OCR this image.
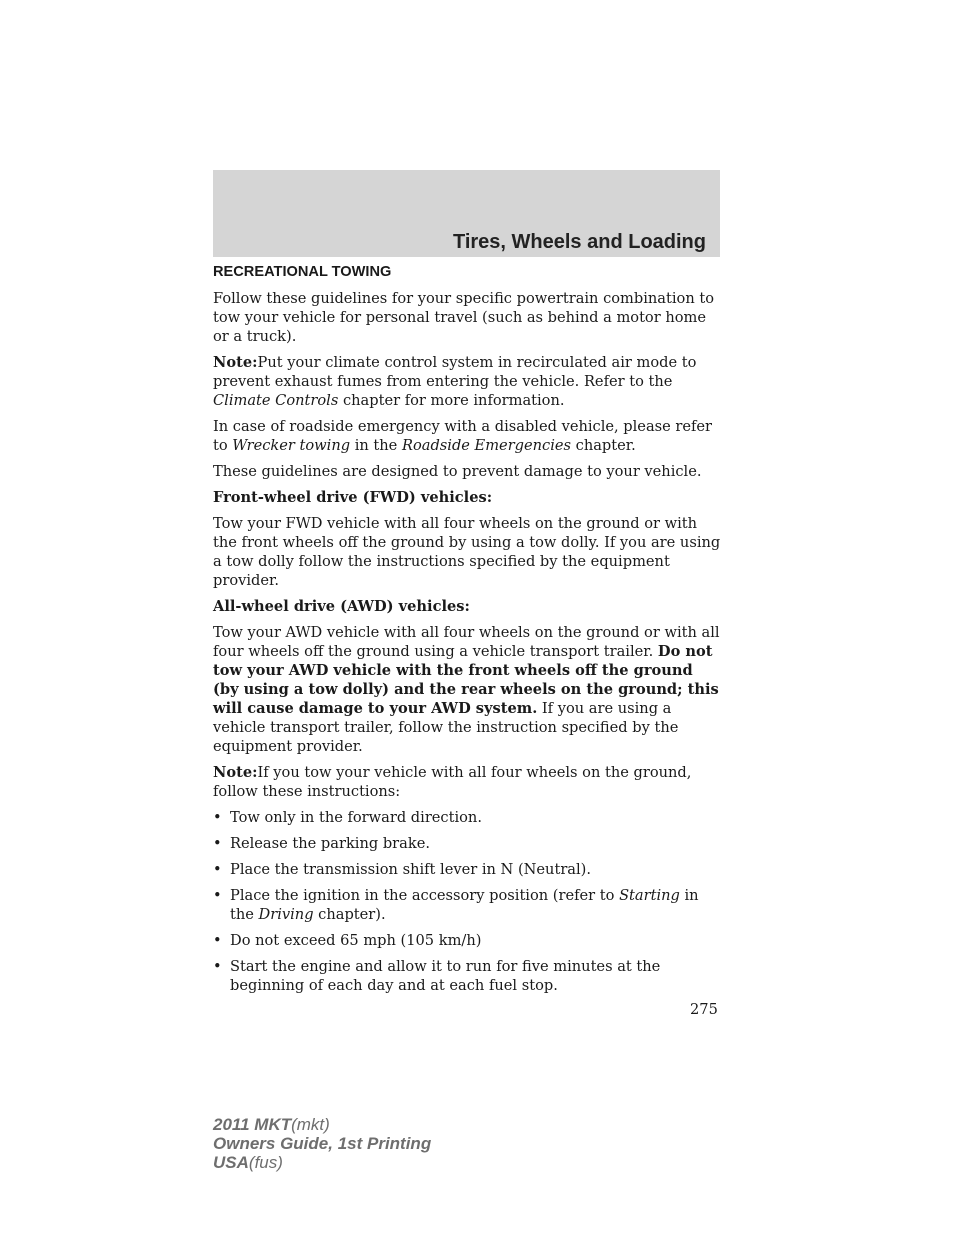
Tires, Wheels and Loading
RECREATIONAL TOWING

Follow these guidelines for your specific powertrain combination to tow your vehicle for personal travel (such as behind a motor home or a truck).

Note:Put your climate control system in recirculated air mode to prevent exhaust fumes from entering the vehicle. Refer to the Climate Controls chapter for more information.

In case of roadside emergency with a disabled vehicle, please refer to Wrecker towing in the Roadside Emergencies chapter.

These guidelines are designed to prevent damage to your vehicle.

Front-wheel drive (FWD) vehicles:

Tow your FWD vehicle with all four wheels on the ground or with the front wheels off the ground by using a tow dolly. If you are using a tow dolly follow the instructions specified by the equipment provider.

All-wheel drive (AWD) vehicles:

Tow your AWD vehicle with all four wheels on the ground or with all four wheels off the ground using a vehicle transport trailer. Do not tow your AWD vehicle with the front wheels off the ground (by using a tow dolly) and the rear wheels on the ground; this will cause damage to your AWD system. If you are using a vehicle transport trailer, follow the instruction specified by the equipment provider.

Note:If you tow your vehicle with all four wheels on the ground, follow these instructions:

• Tow only in the forward direction.
• Release the parking brake.
• Place the transmission shift lever in N (Neutral).
• Place the ignition in the accessory position (refer to Starting in the Driving chapter).
• Do not exceed 65 mph (105 km/h)
• Start the engine and allow it to run for five minutes at the beginning of each day and at each fuel stop.

275

2011 MKT(mkt)
Owners Guide, 1st Printing
USA(fus)
